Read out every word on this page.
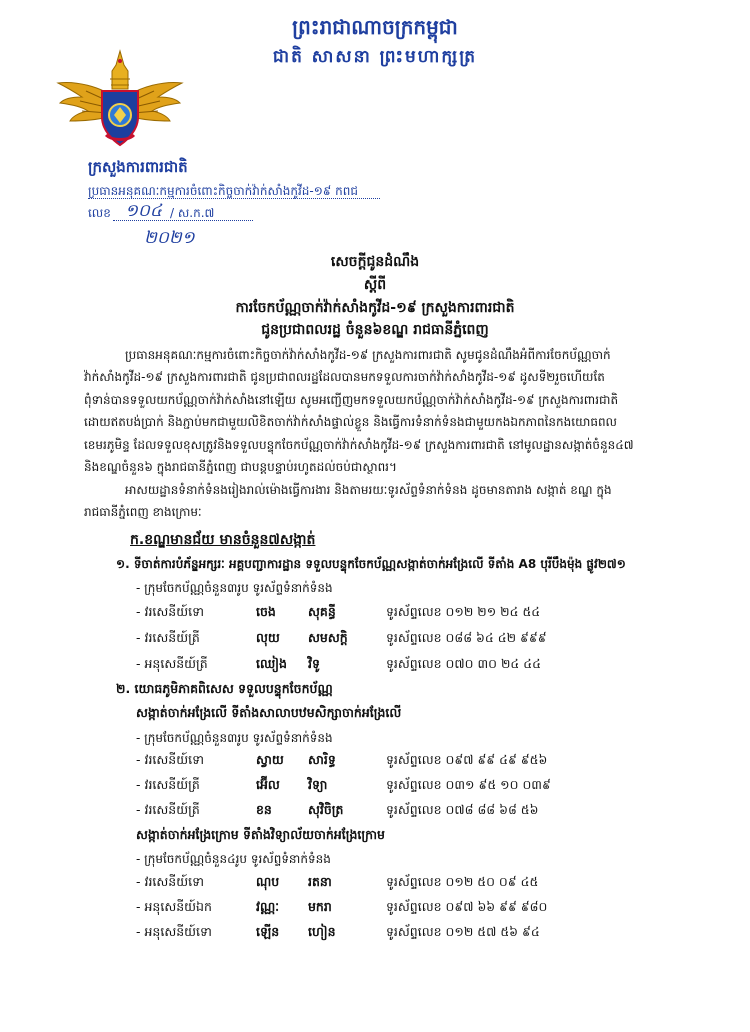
ព្រះរាជាណាចក្រកម្ពុជា
ជាតិ សាសនា ព្រះមហាក្សត្រ
ក្រសួងការពារជាតិ
ប្រធានអនុគណៈកម្មការចំពោះកិច្ចចាក់វ៉ាក់សាំងកូវីដ-១៩ កពជ
លេខ ១០៤ / ស.ក.៧
២០២១
សេចក្ដីជូនដំណឹង
ស្ដីពី
ការចែកប័ណ្ណចាក់វ៉ាក់សាំងកូវីដ-១៩ ក្រសួងការពារជាតិ
ជូនប្រជាពលរដ្ឋ ចំនួន៦ខណ្ឌ រាជធានីភ្នំពេញ
ប្រធានអនុគណៈកម្មការចំពោះកិច្ចចាក់វ៉ាក់សាំងកូវីដ-១៩ ក្រសួងការពារជាតិ សូមជូនដំណឹងអំពីការចែកប័ណ្ណចាក់
វ៉ាក់សាំងកូវីដ-១៩ ក្រសួងការពារជាតិ ជូនប្រជាពលរដ្ឋដែលបានមកទទួលការចាក់វ៉ាក់សាំងកូវីដ-១៩ ដូសទី២រួចហើយតែ
ពុំទាន់បានទទួលយកប័ណ្ណចាក់វ៉ាក់សាំងនៅឡើយ សូមអញ្ជើញមកទទួលយកប័ណ្ណចាក់វ៉ាក់សាំងកូវីដ-១៩ ក្រសួងការពារជាតិ
ដោយឥតបង់ប្រាក់ និងភ្ជាប់មកជាមួយលិខិតចាក់វ៉ាក់សាំងផ្ទាល់ខ្លួន និងធ្វើការទំនាក់ទំនងជាមួយកងឯកភាពនៃកងយោធពល
ខេមរភូមិន្ទ ដែលទទួលខុសត្រូវនិងទទួលបន្ទុកចែកប័ណ្ណចាក់វ៉ាក់សាំងកូវីដ-១៩ ក្រសួងការពារជាតិ នៅមូលដ្ឋានសង្កាត់ចំនួន៤៧
និងខណ្ឌចំនួន៦ ក្នុងរាជធានីភ្នំពេញ ជាបន្តបន្ទាប់រហូតដល់ចប់ជាស្ថាពរ។
អាសយដ្ឋានទំនាក់ទំនងរៀងរាល់ម៉ោងធ្វើការងារ និងតាមរយៈទូរស័ព្ទទំនាក់ទំនង ដូចមានតារាង សង្កាត់ ខណ្ឌ ក្នុង
រាជធានីភ្នំពេញ ខាងក្រោមៈ
ក.ខណ្ឌមានជ័យ មានចំនួន៧សង្កាត់
១. ទីចាត់ការបំភ័ន្ឌអក្សរៈ អគ្គបញ្ជាការដ្ឋាន ទទួលបន្ទុកចែកប័ណ្ណសង្កាត់ចាក់អង្រែលើ ទីតាំង A8 បុរីបឹងម៉ុង ផ្លូវ២៧១
- ក្រុមចែកប័ណ្ណចំនួន៣រូប ទូរស័ព្ទទំនាក់ទំនង
- វរសេនីយ៍ទោ	ចេង	សុគន្ធី	ទូរស័ព្ទលេខ ០១២ ២១ ២៤ ៥៤
- វរសេនីយ៍ត្រី	លុយ សមសក្តិ	ទូរស័ព្ទលេខ ០៨៨ ៦៤ ៤២ ៩៩៩
- អនុសេនីយ៍ត្រី	ឈៀង វិទូ	ទូរស័ព្ទលេខ ០៧០ ៣០ ២៤ ៤៤
២. យោធភូមិភាគពិសេស ទទួលបន្ទុកចែកប័ណ្ណ
សង្កាត់ចាក់អង្រែលើ ទីតាំងសាលាបឋមសិក្សាចាក់អង្រែលើ
- ក្រុមចែកប័ណ្ណចំនួន៣រូប ទូរស័ព្ទទំនាក់ទំនង
- វរសេនីយ៍ទោ	ស្វាយ សារិទ្ធ	ទូរស័ព្ទលេខ ០៩៧ ៩៩ ៤៩ ៩៥៦
- វរសេនីយ៍ត្រី	អ៊ើល វិទ្យា	ទូរស័ព្ទលេខ ០៣១ ៩៥ ១០ ០៣៩
- វរសេនីយ៍ត្រី	ខន	សុវិចិត្រ	ទូរស័ព្ទលេខ ០៧៨ ៨៨ ៦៨ ៥៦
សង្កាត់ចាក់អង្រែក្រោម ទីតាំងវិទ្យាល័យចាក់អង្រែក្រោម
- ក្រុមចែកប័ណ្ណចំនួន៤រូប ទូរស័ព្ទទំនាក់ទំនង
- វរសេនីយ៍ទោ	ណុប រតនា	ទូរស័ព្ទលេខ ០១២ ៥០ ០៩ ៤៥
- អនុសេនីយ៍ឯក	វណ្ណៈ មករា	ទូរស័ព្ទលេខ ០៩៧ ៦៦ ៩៩ ៩៨០
- អនុសេនីយ៍ទោ	ឡើន ហៀន	ទូរស័ព្ទលេខ ០១២ ៥៧ ៥៦ ៩៤
